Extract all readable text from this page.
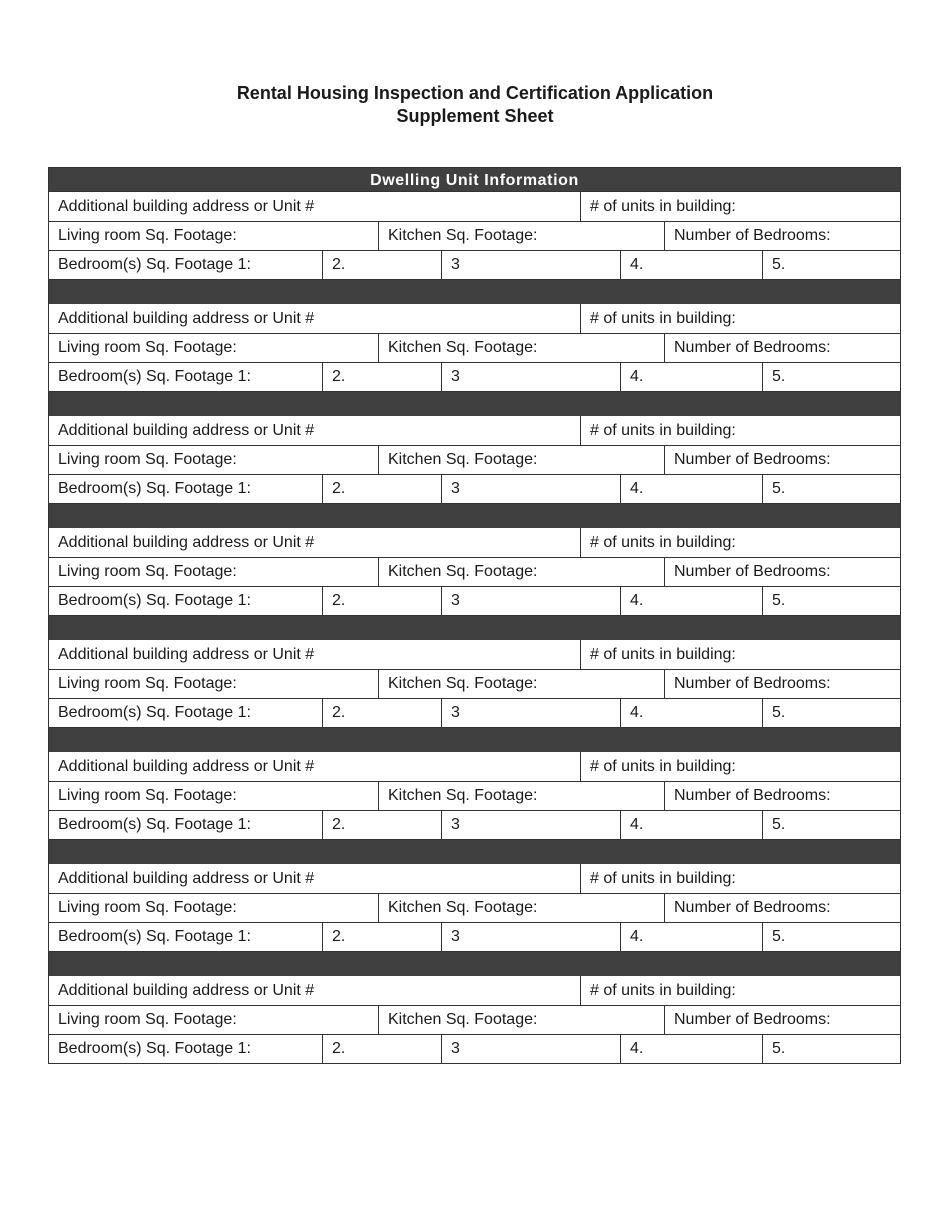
Rental Housing Inspection and Certification Application
Supplement Sheet
Dwelling Unit Information
Additional building address or Unit #	# of units in building:
Living room Sq. Footage:	Kitchen Sq. Footage:	Number of Bedrooms:
Bedroom(s) Sq. Footage 1:	2.	3	4.	5.
Additional building address or Unit #	# of units in building:
Living room Sq. Footage:	Kitchen Sq. Footage:	Number of Bedrooms:
Bedroom(s) Sq. Footage 1:	2.	3	4.	5.
Additional building address or Unit #	# of units in building:
Living room Sq. Footage:	Kitchen Sq. Footage:	Number of Bedrooms:
Bedroom(s) Sq. Footage 1:	2.	3	4.	5.
Additional building address or Unit #	# of units in building:
Living room Sq. Footage:	Kitchen Sq. Footage:	Number of Bedrooms:
Bedroom(s) Sq. Footage 1:	2.	3	4.	5.
Additional building address or Unit #	# of units in building:
Living room Sq. Footage:	Kitchen Sq. Footage:	Number of Bedrooms:
Bedroom(s) Sq. Footage 1:	2.	3	4.	5.
Additional building address or Unit #	# of units in building:
Living room Sq. Footage:	Kitchen Sq. Footage:	Number of Bedrooms:
Bedroom(s) Sq. Footage 1:	2.	3	4.	5.
Additional building address or Unit #	# of units in building:
Living room Sq. Footage:	Kitchen Sq. Footage:	Number of Bedrooms:
Bedroom(s) Sq. Footage 1:	2.	3	4.	5.
Additional building address or Unit #	# of units in building:
Living room Sq. Footage:	Kitchen Sq. Footage:	Number of Bedrooms:
Bedroom(s) Sq. Footage 1:	2.	3	4.	5.
